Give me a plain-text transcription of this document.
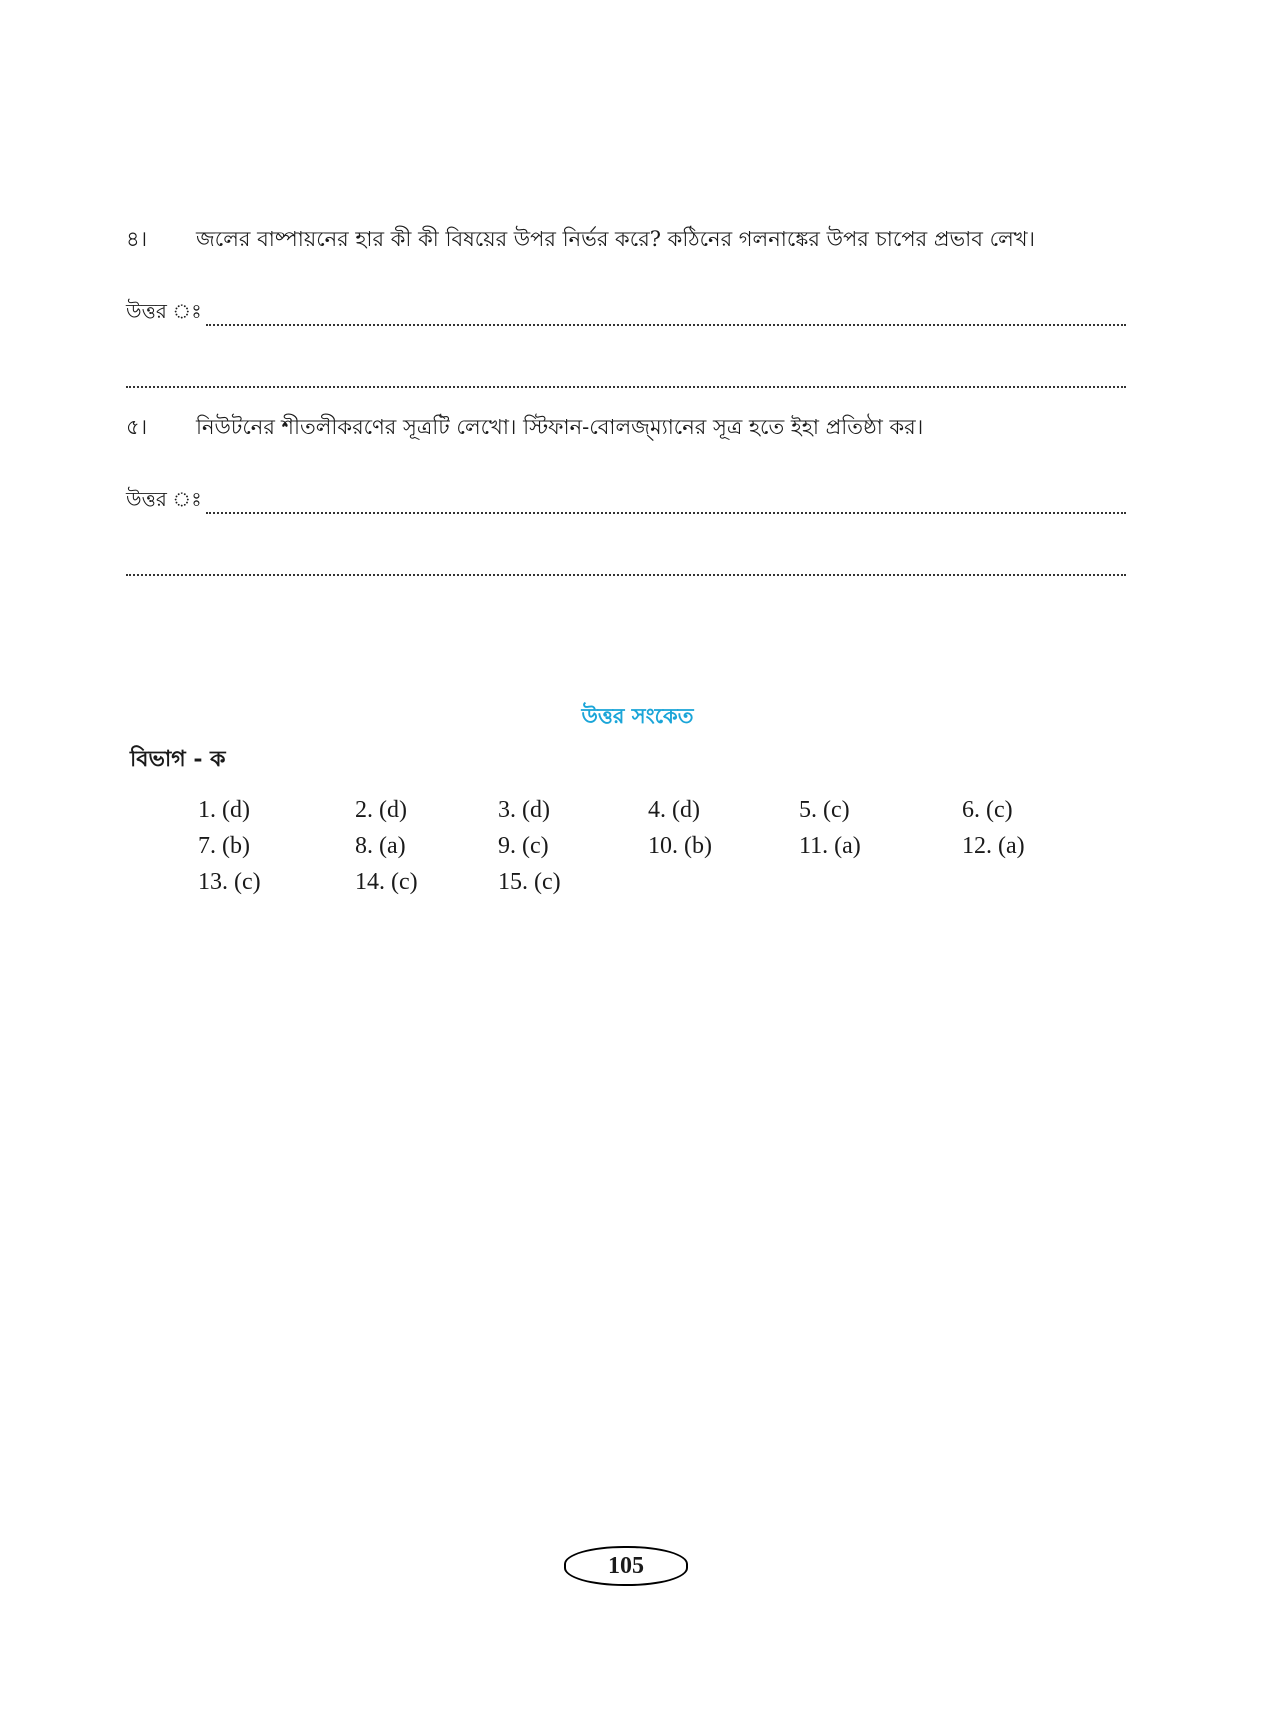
৪। জলের বাষ্পায়নের হার কী কী বিষয়ের উপর নির্ভর করে? কঠিনের গলনাঙ্কের উপর চাপের প্রভাব লেখ।
উত্তর ঃ
৫। নিউটনের শীতলীকরণের সূত্রটি লেখো। স্টিফান-বোলজ্ম্যানের সূত্র হতে ইহা প্রতিষ্ঠা কর।
উত্তর ঃ
উত্তর সংকেত
বিভাগ - ক
1. (d)	2. (d)	3. (d)	4. (d)	5. (c)	6. (c)
7. (b)	8. (a)	9. (c)	10. (b)	11. (a)	12. (a)
13. (c)	14. (c)	15. (c)
105
